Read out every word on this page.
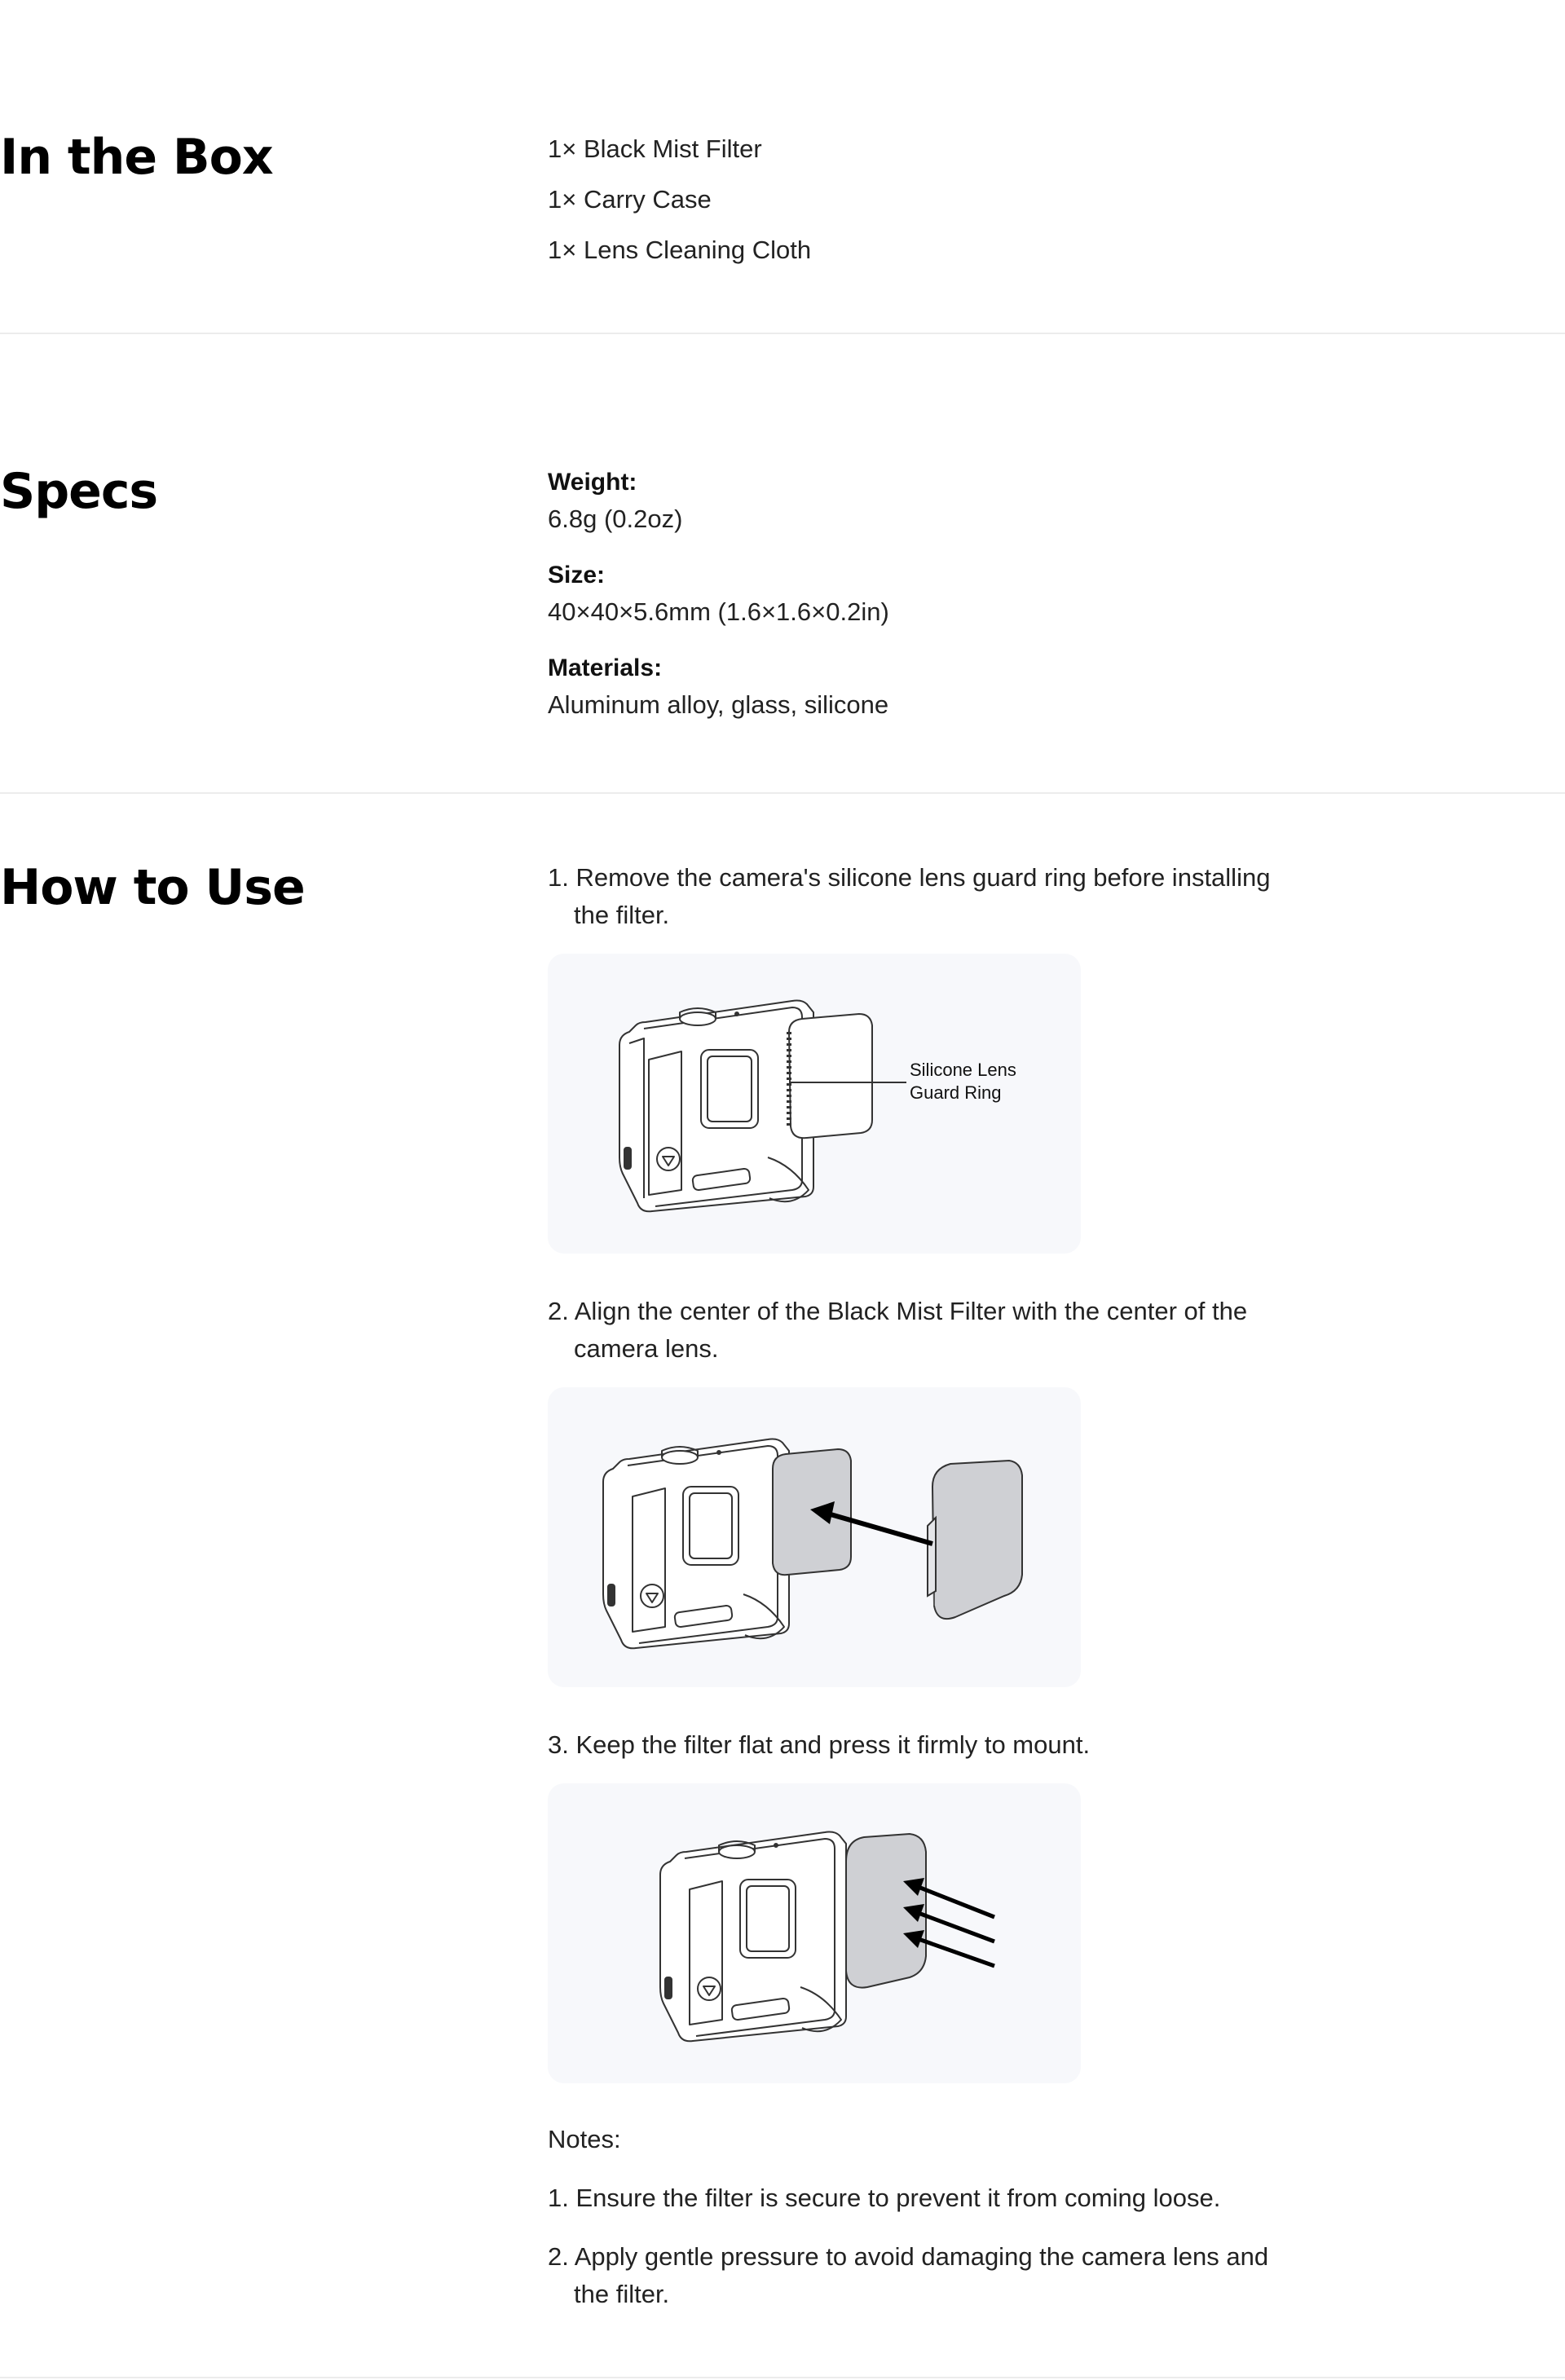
In the Box	1× Black Mist Filter

1× Carry Case

1× Lens Cleaning Cloth

Specs	Weight:

6.8g (0.2oz)

Size:

40×40×5.6mm (1.6×1.6×0.2in)

Materials:

Aluminum alloy, glass, silicone

How to Use	1. Remove the camera's silicone lens guard ring before installing the filter.

Silicone Lens
Guard Ring

2. Align the center of the Black Mist Filter with the center of the camera lens.

3. Keep the filter flat and press it firmly to mount.

Notes:

1. Ensure the filter is secure to prevent it from coming loose.

2. Apply gentle pressure to avoid damaging the camera lens and the filter.
